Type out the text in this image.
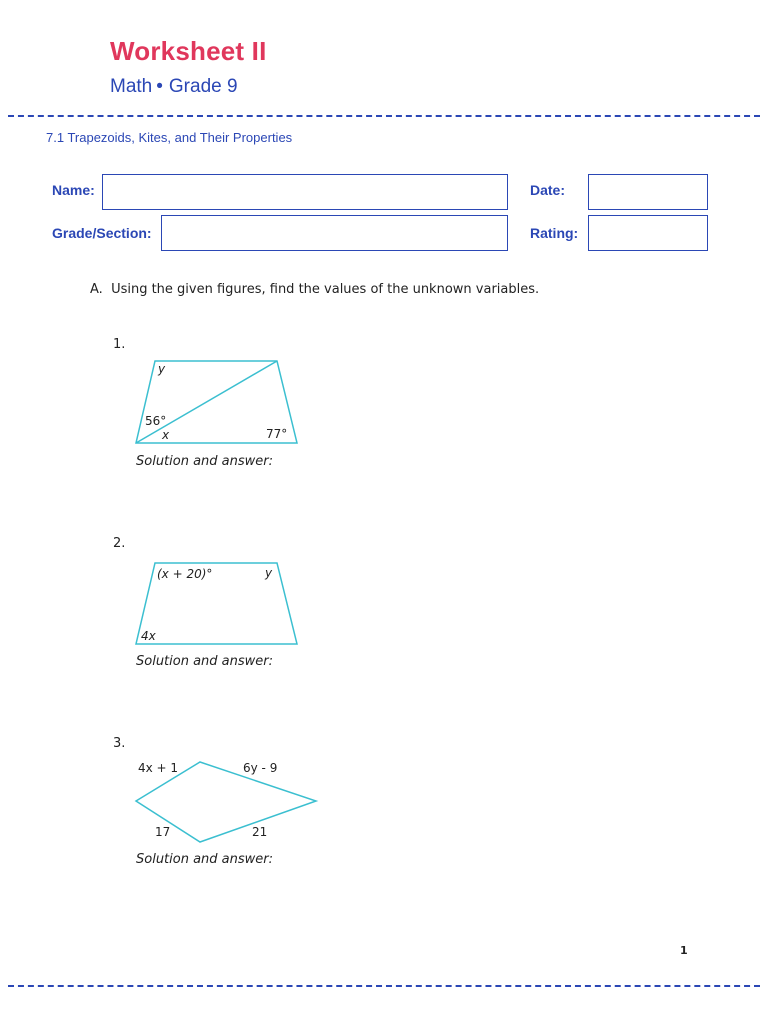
Worksheet II
Math • Grade 9
7.1 Trapezoids, Kites, and Their Properties
Name:	Date:
Grade/Section:	Rating:
A. Using the given figures, find the values of the unknown variables.
1.
y
56°
x	77°
Solution and answer:
2.
(x + 20)°	y
4x
Solution and answer:
3.
4x + 1	6y - 9
17	21
Solution and answer:
1
